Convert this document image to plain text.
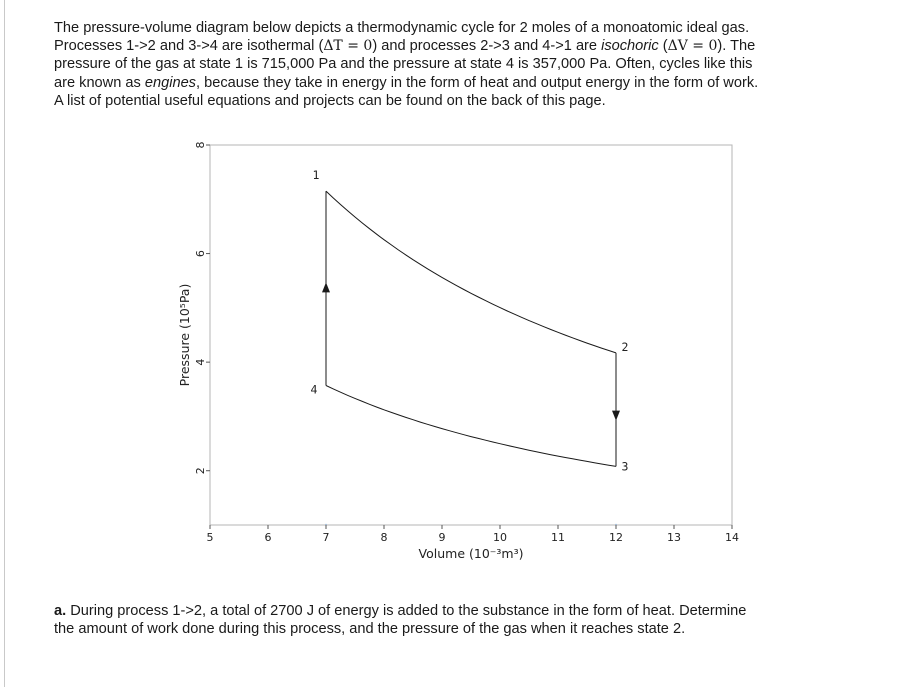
The pressure-volume diagram below depicts a thermodynamic cycle for 2 moles of a monoatomic ideal gas.
Processes 1->2 and 3->4 are isothermal (ΔT = 0) and processes 2->3 and 4->1 are isochoric (ΔV = 0). The
pressure of the gas at state 1 is 715,000 Pa and the pressure at state 4 is 357,000 Pa. Often, cycles like this
are known as engines, because they take in energy in the form of heat and output energy in the form of work.
A list of potential useful equations and projects can be found on the back of this page.

5	6	7	8	9	10	11	12	13	14
2
4
6
8
1
2
3
4
Volume (10⁻³m³)
Pressure (10⁵Pa)

a. During process 1->2, a total of 2700 J of energy is added to the substance in the form of heat. Determine
the amount of work done during this process, and the pressure of the gas when it reaches state 2.
